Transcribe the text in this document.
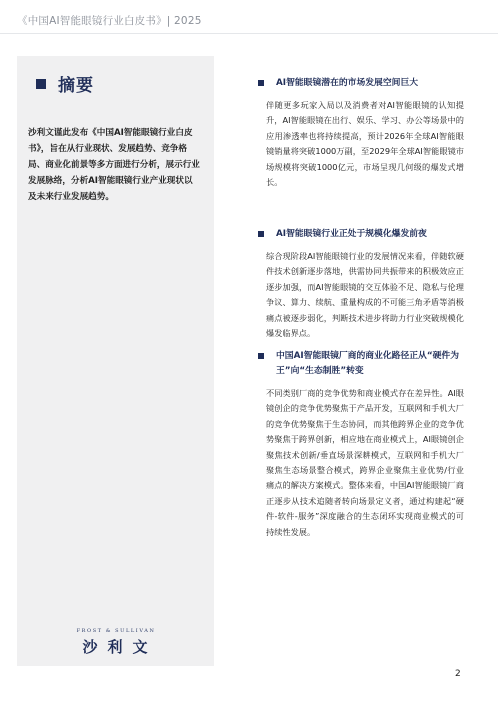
《中国AI智能眼镜行业白皮书》| 2025
摘要
沙利文谨此发布《中国AI智能眼镜行业白皮书》，旨在从行业现状、发展趋势、竞争格局、商业化前景等多方面进行分析，展示行业发展脉络，分析AI智能眼镜行业产业现状以及未来行业发展趋势。
FROST & SULLIVAN
沙利文
AI智能眼镜潜在的市场发展空间巨大
伴随更多玩家入局以及消费者对AI智能眼镜的认知提升，AI智能眼镜在出行、娱乐、学习、办公等场景中的应用渗透率也将持续提高，预计2026年全球AI智能眼镜销量将突破1000万副，至2029年全球AI智能眼镜市场规模将突破1000亿元，市场呈现几何级的爆发式增长。
AI智能眼镜行业正处于规模化爆发前夜
综合现阶段AI智能眼镜行业的发展情况来看，伴随软硬件技术创新逐步落地，供需协同共振带来的积极效应正逐步加强，而AI智能眼镜的交互体验不足、隐私与伦理争议、算力、续航、重量构成的不可能三角矛盾等消极痛点被逐步弱化，判断技术进步将助力行业突破规模化爆发临界点。
中国AI智能眼镜厂商的商业化路径正从“硬件为王”向“生态制胜”转变
不同类别厂商的竞争优势和商业模式存在差异性。AI眼镜创企的竞争优势聚焦于产品开发，互联网和手机大厂的竞争优势聚焦于生态协同，而其他跨界企业的竞争优势聚焦于跨界创新，相应地在商业模式上，AI眼镜创企聚焦技术创新/垂直场景深耕模式，互联网和手机大厂聚焦生态场景整合模式，跨界企业聚焦主业优势/行业痛点的解决方案模式。整体来看，中国AI智能眼镜厂商正逐步从技术追随者转向场景定义者，通过构建起“硬件-软件-服务”深度融合的生态闭环实现商业模式的可持续性发展。
2
